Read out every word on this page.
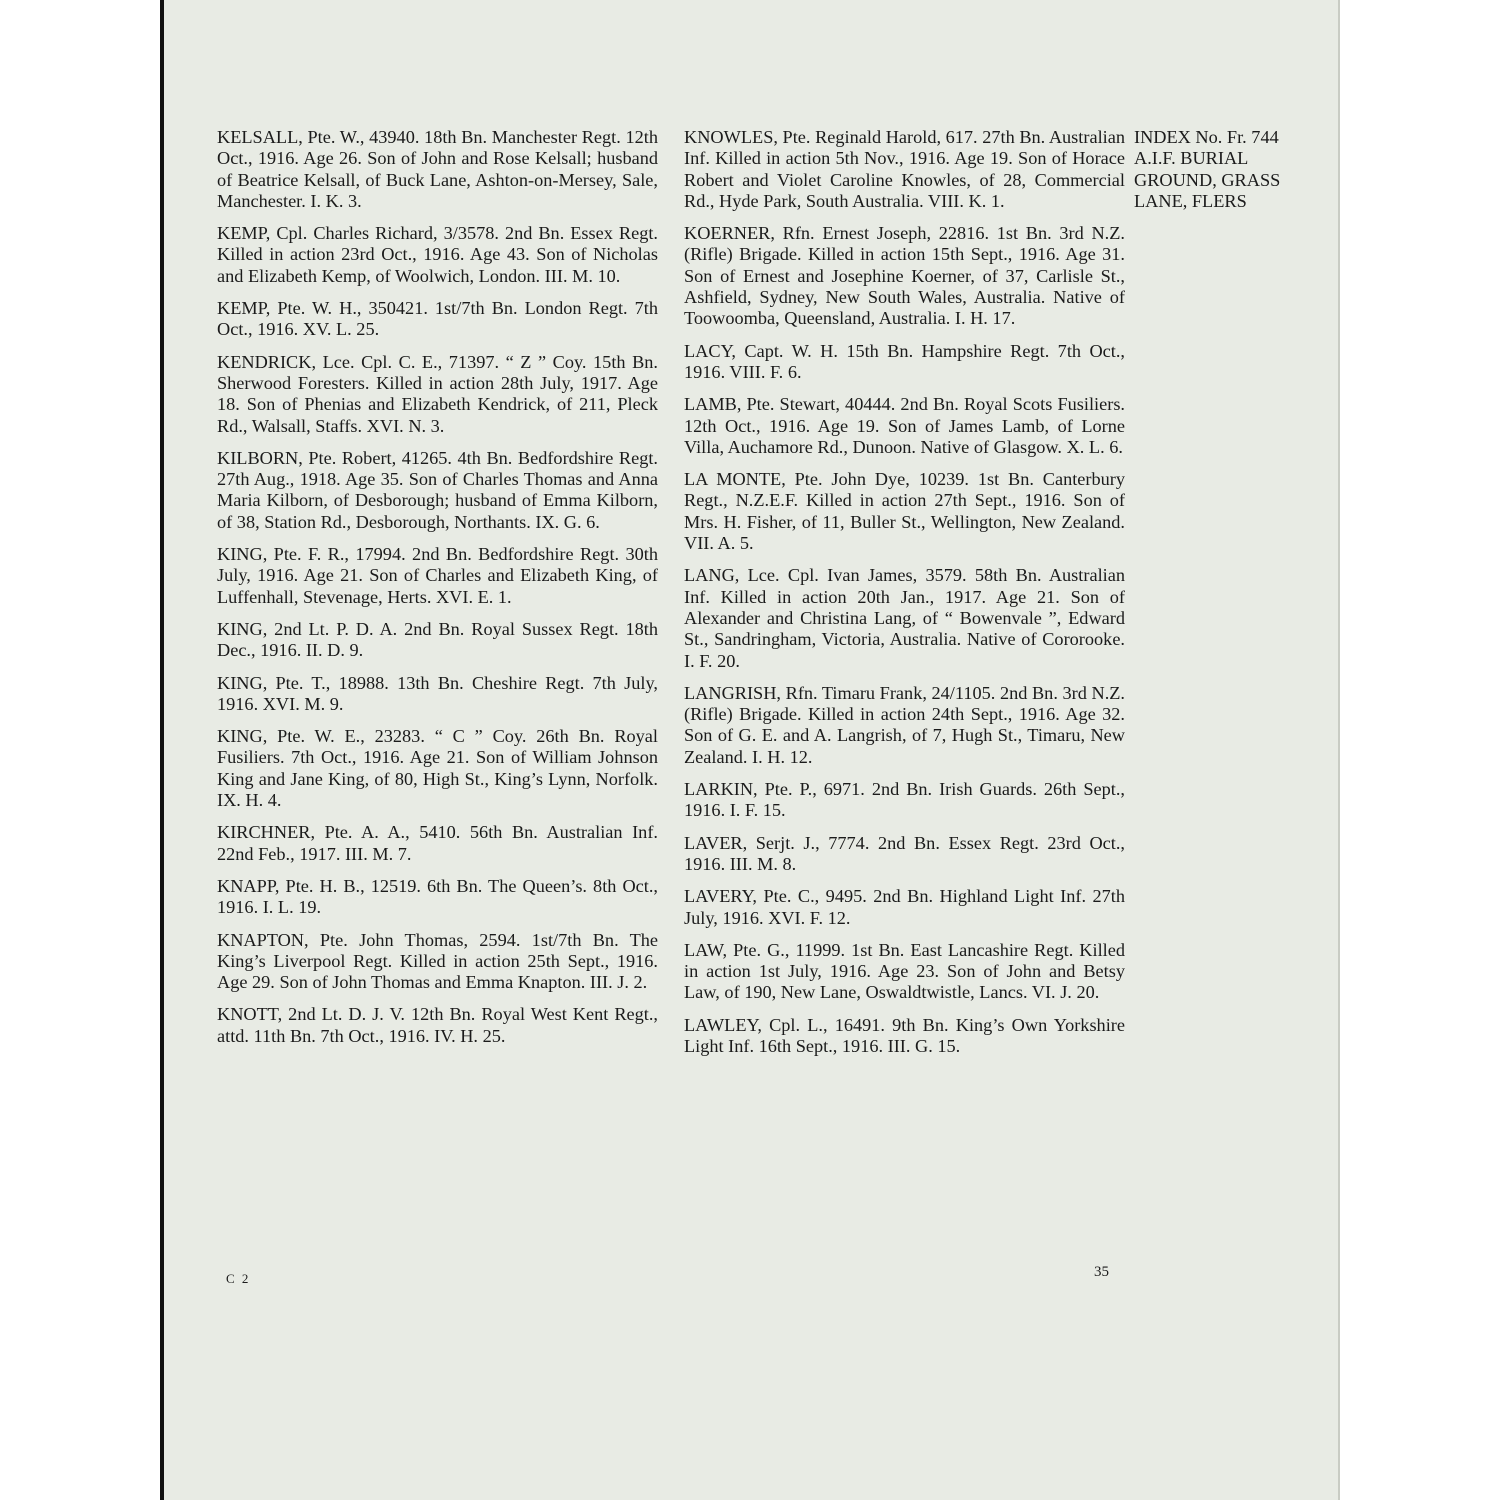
KELSALL, Pte. W., 43940. 18th Bn. Manchester Regt. 12th Oct., 1916. Age 26. Son of John and Rose Kelsall; husband of Beatrice Kelsall, of Buck Lane, Ashton-on-Mersey, Sale, Manchester. I. K. 3.

KEMP, Cpl. Charles Richard, 3/3578. 2nd Bn. Essex Regt. Killed in action 23rd Oct., 1916. Age 43. Son of Nicholas and Elizabeth Kemp, of Woolwich, London. III. M. 10.

KEMP, Pte. W. H., 350421. 1st/7th Bn. London Regt. 7th Oct., 1916. XV. L. 25.

KENDRICK, Lce. Cpl. C. E., 71397. “ Z ” Coy. 15th Bn. Sherwood Foresters. Killed in action 28th July, 1917. Age 18. Son of Phenias and Elizabeth Kendrick, of 211, Pleck Rd., Walsall, Staffs. XVI. N. 3.

KILBORN, Pte. Robert, 41265. 4th Bn. Bedfordshire Regt. 27th Aug., 1918. Age 35. Son of Charles Thomas and Anna Maria Kilborn, of Desborough; husband of Emma Kilborn, of 38, Station Rd., Desborough, Northants. IX. G. 6.

KING, Pte. F. R., 17994. 2nd Bn. Bedfordshire Regt. 30th July, 1916. Age 21. Son of Charles and Elizabeth King, of Luffenhall, Stevenage, Herts. XVI. E. 1.

KING, 2nd Lt. P. D. A. 2nd Bn. Royal Sussex Regt. 18th Dec., 1916. II. D. 9.

KING, Pte. T., 18988. 13th Bn. Cheshire Regt. 7th July, 1916. XVI. M. 9.

KING, Pte. W. E., 23283. “ C ” Coy. 26th Bn. Royal Fusiliers. 7th Oct., 1916. Age 21. Son of William Johnson King and Jane King, of 80, High St., King’s Lynn, Norfolk. IX. H. 4.

KIRCHNER, Pte. A. A., 5410. 56th Bn. Australian Inf. 22nd Feb., 1917. III. M. 7.

KNAPP, Pte. H. B., 12519. 6th Bn. The Queen’s. 8th Oct., 1916. I. L. 19.

KNAPTON, Pte. John Thomas, 2594. 1st/7th Bn. The King’s Liverpool Regt. Killed in action 25th Sept., 1916. Age 29. Son of John Thomas and Emma Knapton. III. J. 2.

KNOTT, 2nd Lt. D. J. V. 12th Bn. Royal West Kent Regt., attd. 11th Bn. 7th Oct., 1916. IV. H. 25.

KNOWLES, Pte. Reginald Harold, 617. 27th Bn. Australian Inf. Killed in action 5th Nov., 1916. Age 19. Son of Horace Robert and Violet Caroline Knowles, of 28, Commercial Rd., Hyde Park, South Australia. VIII. K. 1.

KOERNER, Rfn. Ernest Joseph, 22816. 1st Bn. 3rd N.Z. (Rifle) Brigade. Killed in action 15th Sept., 1916. Age 31. Son of Ernest and Josephine Koerner, of 37, Carlisle St., Ashfield, Sydney, New South Wales, Australia. Native of Toowoomba, Queensland, Australia. I. H. 17.

LACY, Capt. W. H. 15th Bn. Hampshire Regt. 7th Oct., 1916. VIII. F. 6.

LAMB, Pte. Stewart, 40444. 2nd Bn. Royal Scots Fusiliers. 12th Oct., 1916. Age 19. Son of James Lamb, of Lorne Villa, Auchamore Rd., Dunoon. Native of Glasgow. X. L. 6.

LA MONTE, Pte. John Dye, 10239. 1st Bn. Canterbury Regt., N.Z.E.F. Killed in action 27th Sept., 1916. Son of Mrs. H. Fisher, of 11, Buller St., Wellington, New Zealand. VII. A. 5.

LANG, Lce. Cpl. Ivan James, 3579. 58th Bn. Australian Inf. Killed in action 20th Jan., 1917. Age 21. Son of Alexander and Christina Lang, of “ Bowenvale ”, Edward St., Sandringham, Victoria, Australia. Native of Cororooke. I. F. 20.

LANGRISH, Rfn. Timaru Frank, 24/1105. 2nd Bn. 3rd N.Z. (Rifle) Brigade. Killed in action 24th Sept., 1916. Age 32. Son of G. E. and A. Langrish, of 7, Hugh St., Timaru, New Zealand. I. H. 12.

LARKIN, Pte. P., 6971. 2nd Bn. Irish Guards. 26th Sept., 1916. I. F. 15.

LAVER, Serjt. J., 7774. 2nd Bn. Essex Regt. 23rd Oct., 1916. III. M. 8.

LAVERY, Pte. C., 9495. 2nd Bn. Highland Light Inf. 27th July, 1916. XVI. F. 12.

LAW, Pte. G., 11999. 1st Bn. East Lancashire Regt. Killed in action 1st July, 1916. Age 23. Son of John and Betsy Law, of 190, New Lane, Oswaldtwistle, Lancs. VI. J. 20.

LAWLEY, Cpl. L., 16491. 9th Bn. King’s Own Yorkshire Light Inf. 16th Sept., 1916. III. G. 15.

INDEX No. Fr. 744
A.I.F. BURIAL
GROUND, GRASS
LANE, FLERS
C 2	35
